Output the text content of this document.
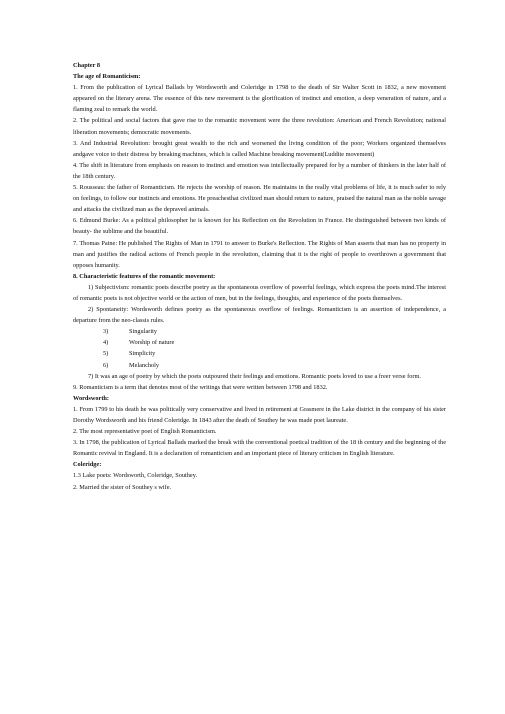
Chapter 8

The age of Romanticism:

1. From the publication of Lyrical Ballads by Wordsworth and Coleridge in 1798 to the death of Sir Walter Scott in 1832, a new movement appeared on the literary arena. The essence of this new movement is the glorification of instinct and emotion, a deep veneration of nature, and a flaming zeal to remark the world.

2. The political and social factors that gave rise to the romantic movement were the three revolution: American and French Revolution; national liberation movements; democratic movements.

3. And Industrial Revolution: brought great wealth to the rich and worsened the living condition of the poor; Workers organized themselves andgave voice to their distress by breaking machines, which is called Machine breaking movement(Luddite movement)

4. The shift in literature from emphasis on reason to instinct and emotion was intellectually prepared for by a number of thinkers in the later half of the 18th century.

5. Rousseau: the father of Romanticism. He rejects the worship of reason. He maintains in the really vital problems of life, it is much safer to rely on feelings, to follow our instincts and emotions. He preachesthat civilized man should return to nature, praised the natural man as the noble savage and attacks the civilized man as the depraved animals.

6. Edmund Burke: As a political philosopher he is known for his Reflection on the Revolution in France. He distinguished between two kinds of beauty- the sublime and the beautiful.

7. Thomas Paine: He published The Rights of Man in 1791 to answer to Burke's Reflection. The Rights of Man asserts that man has no property in man and justifies the radical actions of French people in the revolution, claiming that it is the right of people to overthrown a government that opposes humanity.

8. Characteristic features of the romantic movement:

1) Subjectivism: romantic poets describe poetry as the spontaneous overflow of powerful feelings, which express the poets mind.The interest of romantic poets is not objective world or the action of men, but in the feelings, thoughts, and experience of the poets themselves.

2) Spontaneity: Wordsworth defines poetry as the spontaneous overflow of feelings. Romanticism is an assertion of independence, a departure from the neo-classis rules.

3)	Singularity
4)	Worship of nature
5)	Simplicity
6)	Melancholy

7) It was an age of poetry by which the poets outpoured their feelings and emotions. Romantic poets loved to use a freer verse form.

9. Romanticism is a term that denotes most of the writings that were written between 1798 and 1832.

Wordsworth:

1. From 1799 to his death he was politically very conservative and lived in retirement at Grasmere in the Lake district in the company of his sister Dorothy Wordsworth and his friend Coleridge. In 1843 after the death of Southey he was made poet laureate.

2. The most representative poet of English Romanticism.

3. In 1798, the publication of Lyrical Ballads marked the break with the conventional poetical tradition of the 18 th century and the beginning of the Romantic revival in England. It is a declaration of romanticism and an important piece of literary criticism in English literature.

Coleridge:

1.3 Lake poets: Wordsworth, Coleridge, Southey.

2. Married the sister of Southey s wife.
